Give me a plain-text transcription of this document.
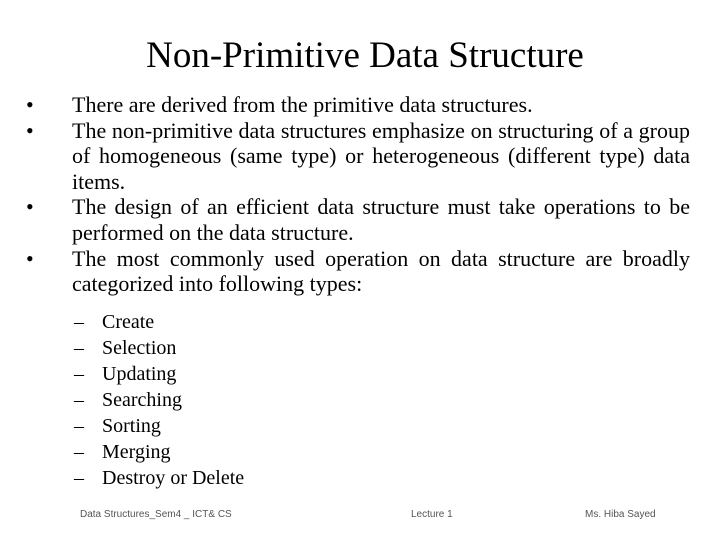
Non-Primitive Data Structure
•	There are derived from the primitive data structures.
•	The non-primitive data structures emphasize on structuring of a group of homogeneous (same type) or heterogeneous (different type) data items.
•	The design of an efficient data structure must take operations to be performed on the data structure.
•	The most commonly used operation on data structure are broadly categorized into following types:
– Create
– Selection
– Updating
– Searching
– Sorting
– Merging
– Destroy or Delete
Data Structures_Sem4 _ ICT& CS	Lecture 1	Ms. Hiba Sayed
